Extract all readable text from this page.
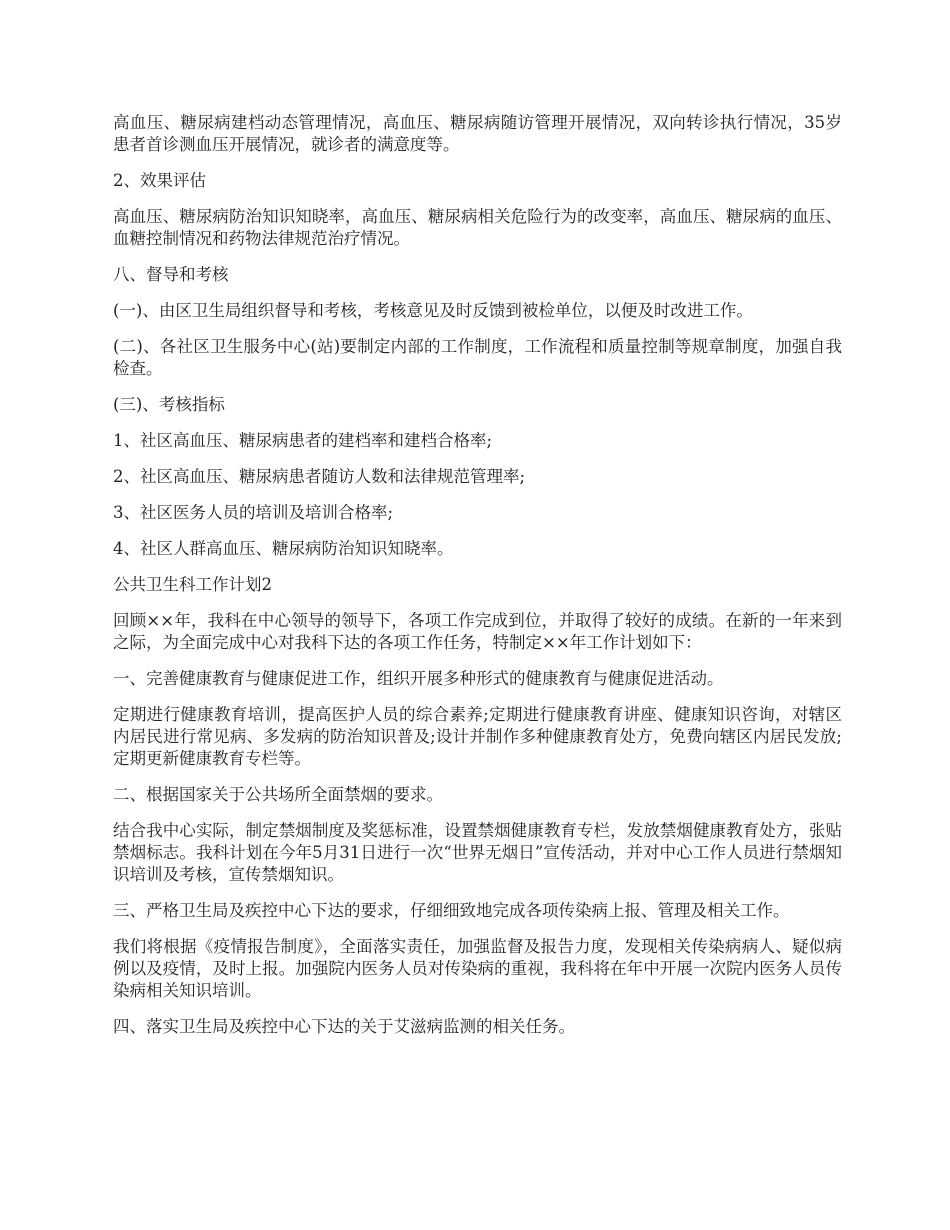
高血压、糖尿病建档动态管理情况，高血压、糖尿病随访管理开展情况，双向转诊执行情况，35岁患者首诊测血压开展情况，就诊者的满意度等。

2、效果评估

高血压、糖尿病防治知识知晓率，高血压、糖尿病相关危险行为的改变率，高血压、糖尿病的血压、血糖控制情况和药物法律规范治疗情况。

八、督导和考核

(一)、由区卫生局组织督导和考核，考核意见及时反馈到被检单位，以便及时改进工作。

(二)、各社区卫生服务中心(站)要制定内部的工作制度，工作流程和质量控制等规章制度，加强自我检查。

(三)、考核指标

1、社区高血压、糖尿病患者的建档率和建档合格率;

2、社区高血压、糖尿病患者随访人数和法律规范管理率;

3、社区医务人员的培训及培训合格率;

4、社区人群高血压、糖尿病防治知识知晓率。

公共卫生科工作计划2

回顾××年，我科在中心领导的领导下，各项工作完成到位，并取得了较好的成绩。在新的一年来到之际，为全面完成中心对我科下达的各项工作任务，特制定××年工作计划如下：

一、完善健康教育与健康促进工作，组织开展多种形式的健康教育与健康促进活动。

定期进行健康教育培训，提高医护人员的综合素养;定期进行健康教育讲座、健康知识咨询，对辖区内居民进行常见病、多发病的防治知识普及;设计并制作多种健康教育处方，免费向辖区内居民发放;定期更新健康教育专栏等。

二、根据国家关于公共场所全面禁烟的要求。

结合我中心实际，制定禁烟制度及奖惩标准，设置禁烟健康教育专栏，发放禁烟健康教育处方，张贴禁烟标志。我科计划在今年5月31日进行一次“世界无烟日”宣传活动，并对中心工作人员进行禁烟知识培训及考核，宣传禁烟知识。

三、严格卫生局及疾控中心下达的要求，仔细细致地完成各项传染病上报、管理及相关工作。

我们将根据《疫情报告制度》，全面落实责任，加强监督及报告力度，发现相关传染病病人、疑似病例以及疫情，及时上报。加强院内医务人员对传染病的重视，我科将在年中开展一次院内医务人员传染病相关知识培训。

四、落实卫生局及疾控中心下达的关于艾滋病监测的相关任务。
